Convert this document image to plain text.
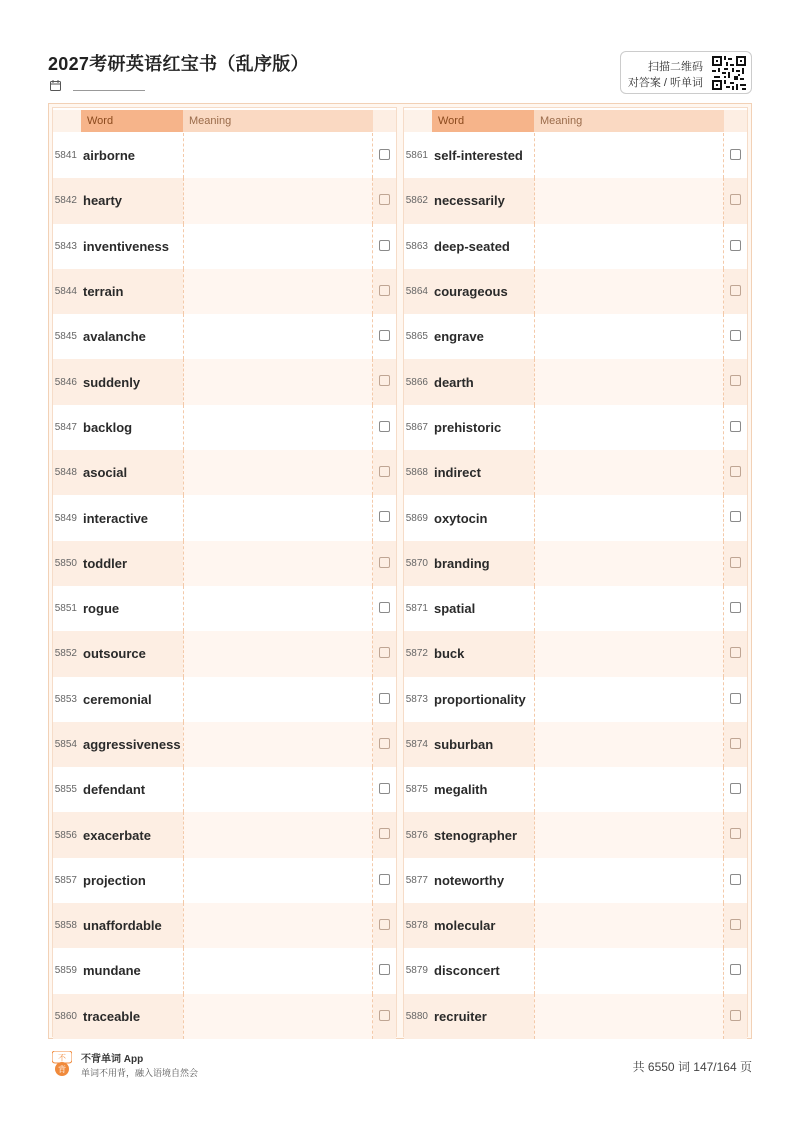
2027考研英语红宝书（乱序版）	扫描二维码
对答案 / 听单词
Word	Meaning
5841 airborne
5842 hearty
5843 inventiveness
5844 terrain
5845 avalanche
5846 suddenly
5847 backlog
5848 asocial
5849 interactive
5850 toddler
5851 rogue
5852 outsource
5853 ceremonial
5854 aggressiveness
5855 defendant
5856 exacerbate
5857 projection
5858 unaffordable
5859 mundane
5860 traceable
Word	Meaning
5861 self-interested
5862 necessarily
5863 deep-seated
5864 courageous
5865 engrave
5866 dearth
5867 prehistoric
5868 indirect
5869 oxytocin
5870 branding
5871 spatial
5872 buck
5873 proportionality
5874 suburban
5875 megalith
5876 stenographer
5877 noteworthy
5878 molecular
5879 disconcert
5880 recruiter
不
背
不背单词 App
单词不用背，融入语境自然会	共 6550 词 147/164 页
